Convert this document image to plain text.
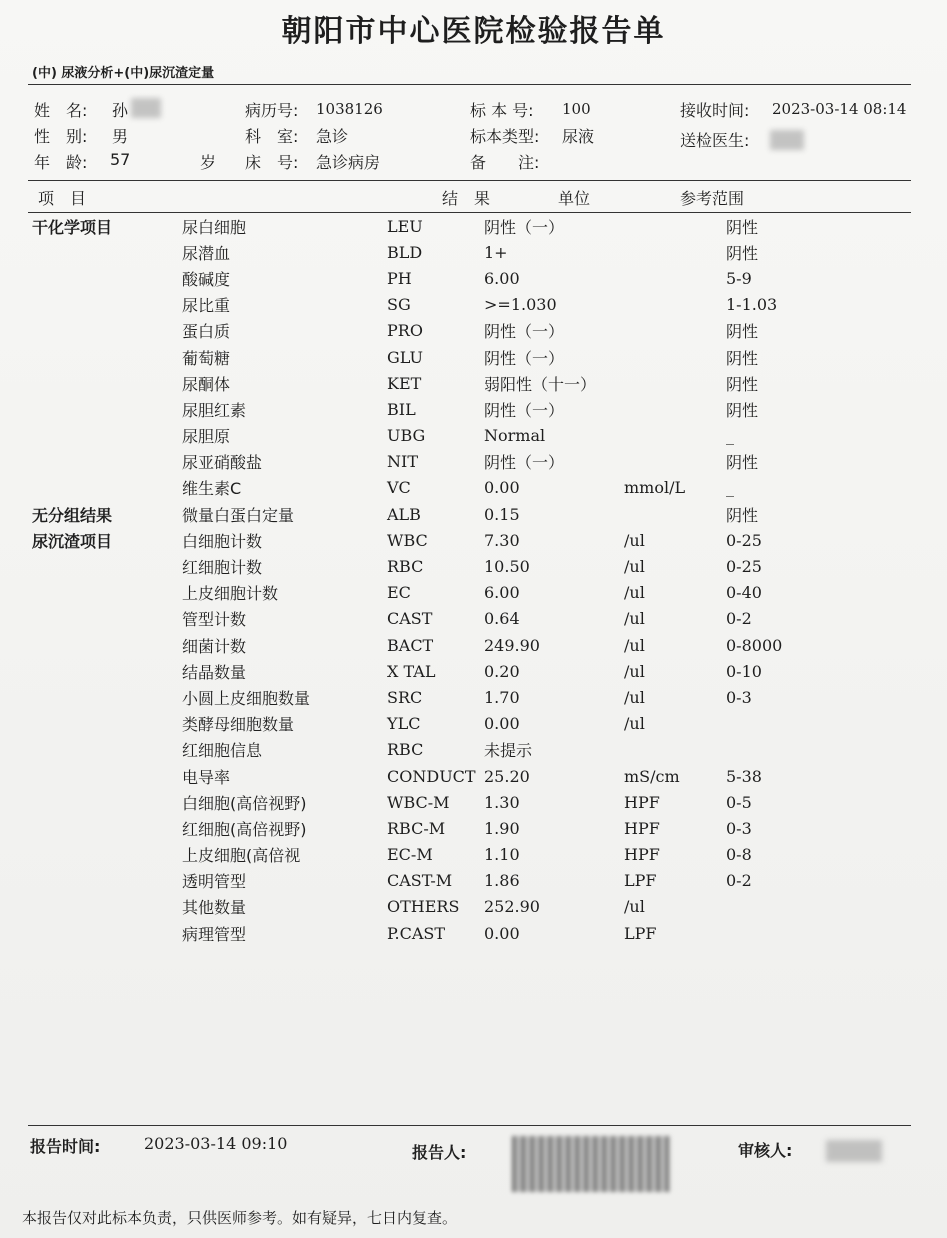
朝阳市中心医院检验报告单
(中) 尿液分析+(中)尿沉渣定量
姓　名: 孙
性　别: 男
年　龄: 57	岁
病历号: 1038126
科　室: 急诊
床　号: 急诊病房
标 本 号: 100
标本类型: 尿液
备　　注:
接收时间: 2023-03-14 08:14
送检医生:
项　目	结　果	单位	参考范围
干化学项目	尿白细胞	LEU	阴性（一）		阴性
	尿潜血	BLD	1+		阴性
	酸碱度	PH	6.00		5-9
	尿比重	SG	>=1.030		1-1.03
	蛋白质	PRO	阴性（一）		阴性
	葡萄糖	GLU	阴性（一）		阴性
	尿酮体	KET	弱阳性（十一）		阴性
	尿胆红素	BIL	阴性（一）		阴性
	尿胆原	UBG	Normal		_
	尿亚硝酸盐	NIT	阴性（一）		阴性
	维生素C	VC	0.00	mmol/L	_
无分组结果	微量白蛋白定量	ALB	0.15		阴性
尿沉渣项目	白细胞计数	WBC	7.30	/ul	0-25
	红细胞计数	RBC	10.50	/ul	0-25
	上皮细胞计数	EC	6.00	/ul	0-40
	管型计数	CAST	0.64	/ul	0-2
	细菌计数	BACT	249.90	/ul	0-8000
	结晶数量	X TAL	0.20	/ul	0-10
	小圆上皮细胞数量	SRC	1.70	/ul	0-3
	类酵母细胞数量	YLC	0.00	/ul	
	红细胞信息	RBC	未提示		
	电导率	CONDUCT	25.20	mS/cm	5-38
	白细胞(高倍视野)	WBC-M	1.30	HPF	0-5
	红细胞(高倍视野)	RBC-M	1.90	HPF	0-3
	上皮细胞(高倍视	EC-M	1.10	HPF	0-8
	透明管型	CAST-M	1.86	LPF	0-2
	其他数量	OTHERS	252.90	/ul	
	病理管型	P.CAST	0.00	LPF	
报告时间:	2023-03-14 09:10	报告人:	审核人:
本报告仅对此标本负责，只供医师参考。如有疑异，七日内复查。
